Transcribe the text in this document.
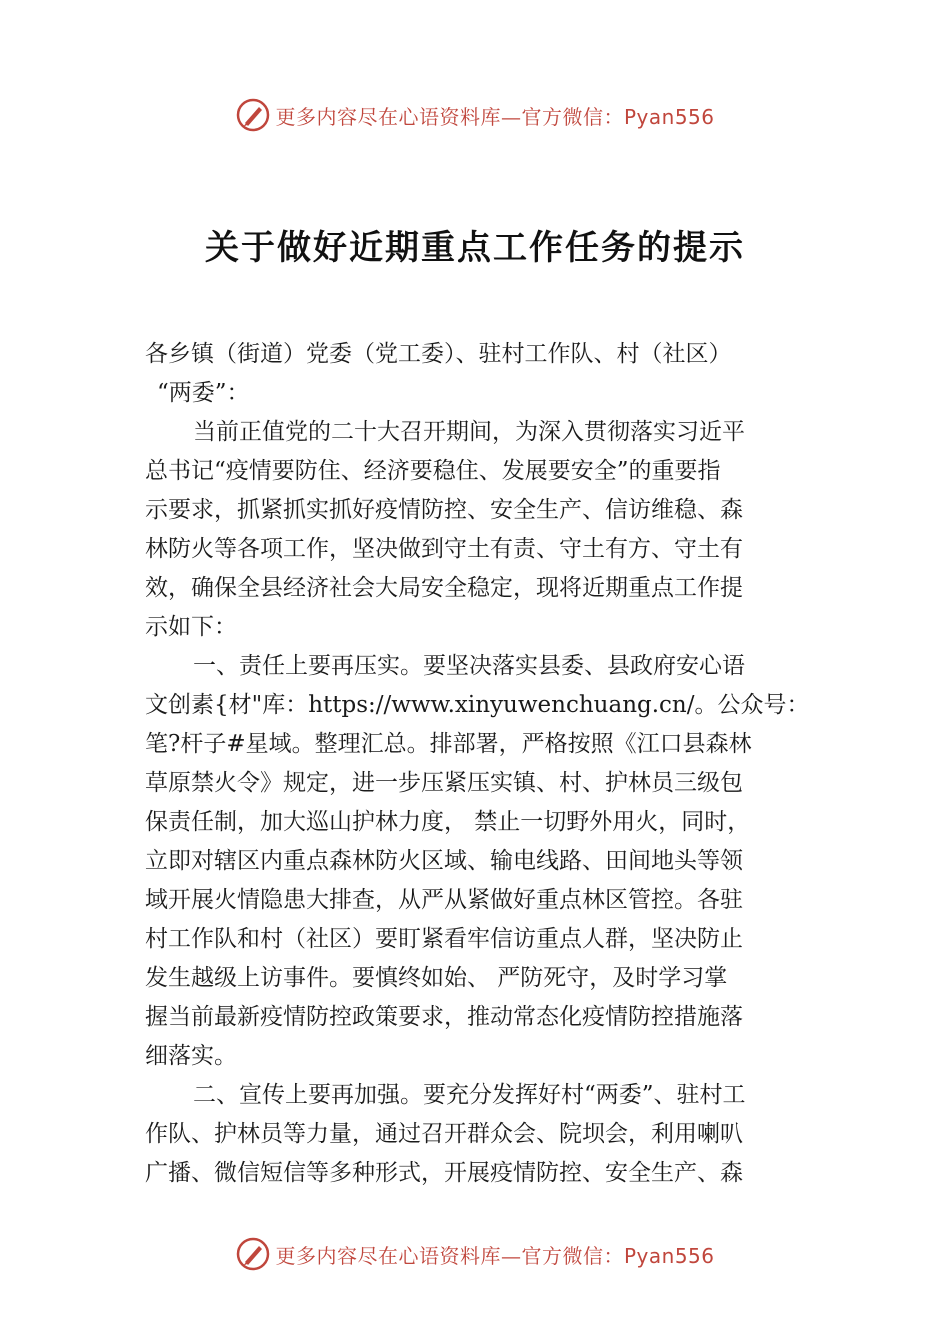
更多内容尽在心语资料库—官方微信：Pyan556
关于做好近期重点工作任务的提示
各乡镇（街道）党委（党工委）、驻村工作队、村（社区）
“两委”：
当前正值党的二十大召开期间，为深入贯彻落实习近平
总书记“疫情要防住、经济要稳住、发展要安全”的重要指
示要求，抓紧抓实抓好疫情防控、安全生产、信访维稳、森
林防火等各项工作，坚决做到守土有责、守土有方、守土有
效，确保全县经济社会大局安全稳定，现将近期重点工作提
示如下：
一、责任上要再压实。要坚决落实县委、县政府安心语
文创素{材"库：https://www.xinyuwenchuang.cn/。公众号：
笔?杆子#星域。整理汇总。排部署，严格按照《江口县森林
草原禁火令》规定，进一步压紧压实镇、村、护林员三级包
保责任制，加大巡山护林力度， 禁止一切野外用火，同时，
立即对辖区内重点森林防火区域、输电线路、田间地头等领
域开展火情隐患大排查，从严从紧做好重点林区管控。各驻
村工作队和村（社区）要盯紧看牢信访重点人群，坚决防止
发生越级上访事件。要慎终如始、 严防死守，及时学习掌
握当前最新疫情防控政策要求，推动常态化疫情防控措施落
细落实。
二、宣传上要再加强。要充分发挥好村“两委”、驻村工
作队、护林员等力量，通过召开群众会、院坝会，利用喇叭
广播、微信短信等多种形式，开展疫情防控、安全生产、森
更多内容尽在心语资料库—官方微信：Pyan556
